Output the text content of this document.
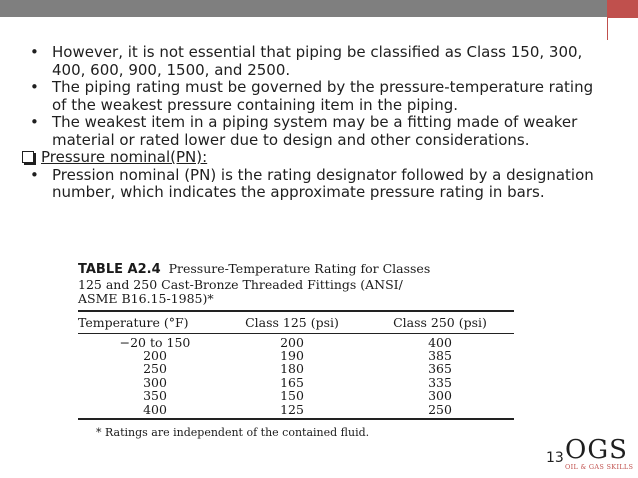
• However, it is not essential that piping be classified as Class 150, 300, 400, 600, 900, 1500, and 2500.

• The piping rating must be governed by the pressure-temperature rating of the weakest pressure containing item in the piping.

• The weakest item in a piping system may be a fitting made of weaker material or rated lower due to design and other considerations.

Pressure nominal(PN):

• Pression nominal (PN) is the rating designator followed by a designation number, which indicates the approximate pressure rating in bars.

TABLE A2.4 Pressure-Temperature Rating for Classes
125 and 250 Cast-Bronze Threaded Fittings (ANSI/
ASME B16.15-1985)*
Temperature (°F)	Class 125 (psi)	Class 250 (psi)
−20 to 150	200	400
200	190	385
250	180	365
300	165	335
350	150	300
400	125	250
* Ratings are independent of the contained fluid.
13 OGS
OIL & GAS SKILLS
